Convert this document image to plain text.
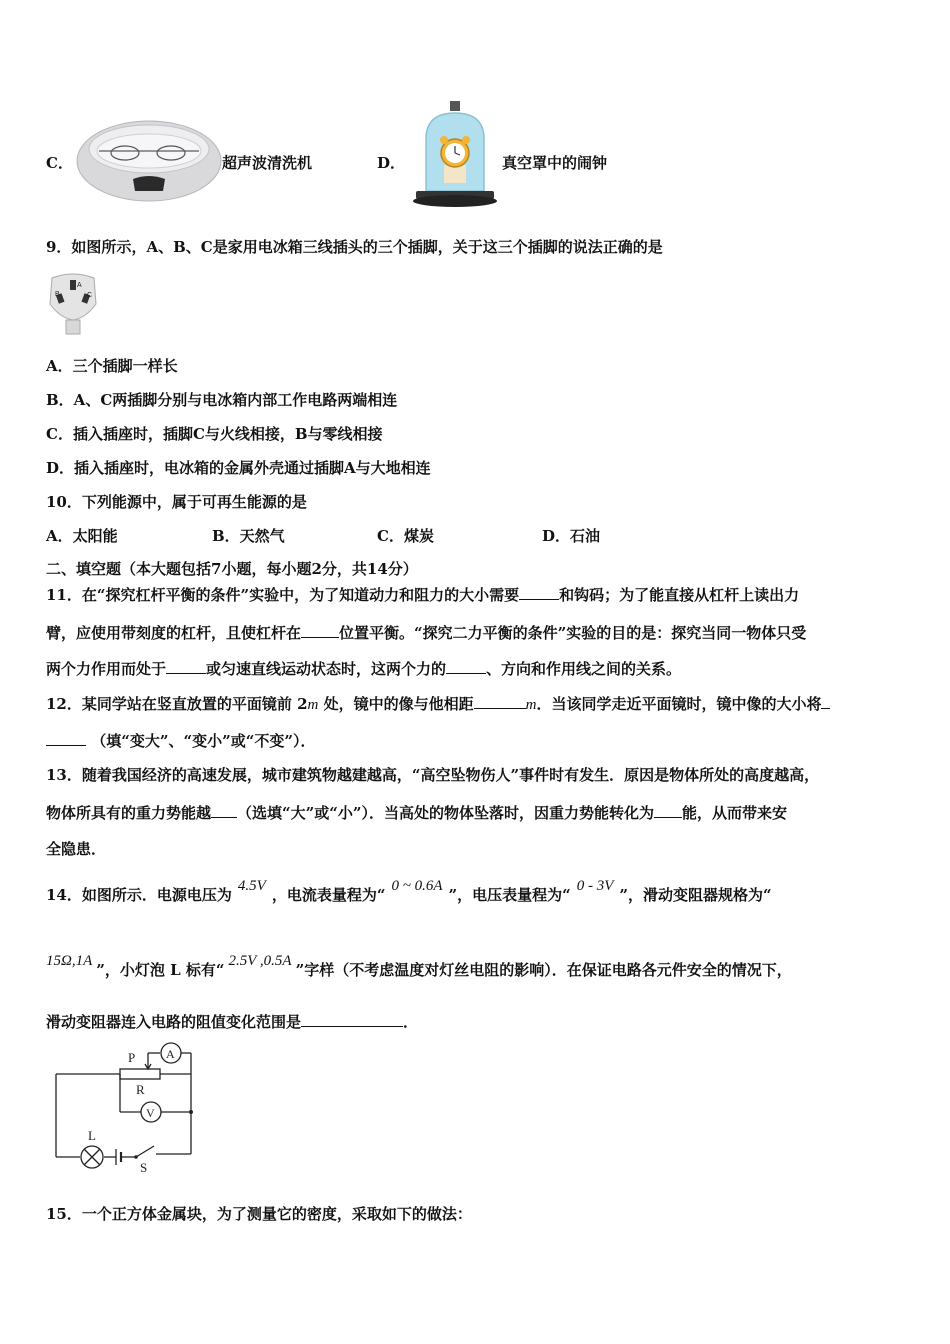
C．	超声波清洗机	D．	真空罩中的闹钟
9．如图所示，A、B、C是家用电冰箱三线插头的三个插脚，关于这三个插脚的说法正确的是
A
B	C
A．三个插脚一样长
B．A、C两插脚分别与电冰箱内部工作电路两端相连
C．插入插座时，插脚C与火线相接，B与零线相接
D．插入插座时，电冰箱的金属外壳通过插脚A与大地相连
10．下列能源中，属于可再生能源的是
A．太阳能	B．天然气	C．煤炭	D．石油
二、填空题（本大题包括7小题，每小题2分，共14分）
11．在“探究杠杆平衡的条件”实验中，为了知道动力和阻力的大小需要	和钩码；为了能直接从杠杆上读出力
臂，应使用带刻度的杠杆，且使杠杆在	位置平衡。“探究二力平衡的条件”实验的目的是：探究当同一物体只受
两个力作用而处于	或匀速直线运动状态时，这两个力的	、方向和作用线之间的关系。
12．某同学站在竖直放置的平面镜前 2m 处，镜中的像与他相距	m．当该同学走近平面镜时，镜中像的大小将
（填“变大”、“变小”或“不变”）．
13．随着我国经济的高速发展，城市建筑物越建越高，“高空坠物伤人”事件时有发生．原因是物体所处的高度越高，
物体所具有的重力势能越 （选填“大”或“小”）．当高处的物体坠落时，因重力势能转化为 能，从而带来安
全隐患．
14．如图所示．电源电压为 4.5V ，电流表量程为“ 0 ~ 0.6A ”，电压表量程为“ 0 - 3V ”，滑动变阻器规格为“
15Ω,1A ”，小灯泡 L 标有“ 2.5V ,0.5A ”字样（不考虑温度对灯丝电阻的影响）．在保证电路各元件安全的情况下，
滑动变阻器连入电路的阻值变化范围是	．
P	A
R
V
L
S
15．一个正方体金属块，为了测量它的密度，采取如下的做法：
